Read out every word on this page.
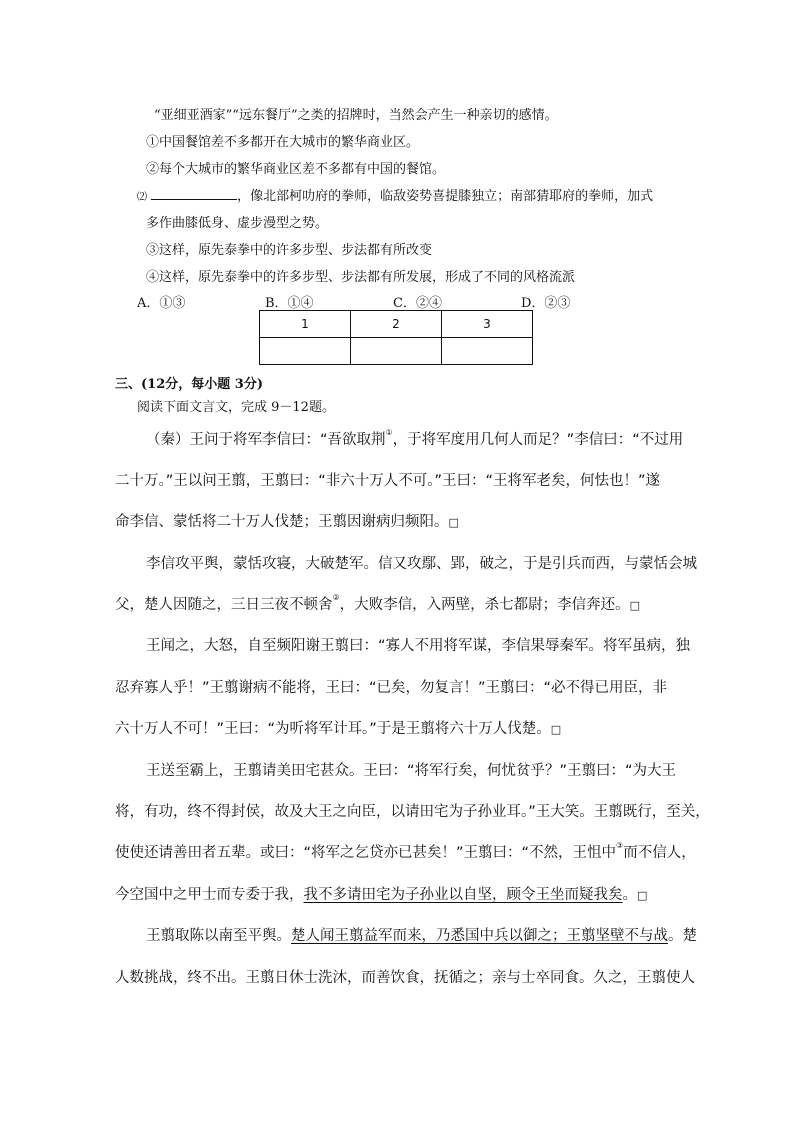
“亚细亚酒家”“远东餐厅”之类的招牌时，当然会产生一种亲切的感情。
①中国餐馆差不多都开在大城市的繁华商业区。
②每个大城市的繁华商业区差不多都有中国的餐馆。
⑵	，像北部柯叻府的拳师，临敌姿势喜提膝独立；南部猜耶府的拳师，加式
多作曲膝低身、虚步漫型之势。
③这样，原先泰拳中的许多步型、步法都有所改变
④这样，原先泰拳中的许多步型、步法都有所发展，形成了不同的风格流派
A．①③	B．①④	C．②④	D．②③
1	2	3

三、(12分，每小题 3分)
阅读下面文言文，完成 9－12题。
（秦）王问于将军李信曰：“吾欲取荆①，于将军度用几何人而足？”李信曰：“不过用
二十万。”王以问王翦，王翦曰：“非六十万人不可。”王曰：“王将军老矣，何怯也！”遂
命李信、蒙恬将二十万人伐楚；王翦因谢病归频阳。□
李信攻平舆，蒙恬攻寝，大破楚军。信又攻鄢、郢，破之，于是引兵而西，与蒙恬会城
父，楚人因随之，三日三夜不顿舍②，大败李信，入两壁，杀七都尉；李信奔还。□
王闻之，大怒，自至频阳谢王翦曰：“寡人不用将军谋，李信果辱秦军。将军虽病，独
忍弃寡人乎！”王翦谢病不能将，王曰：“已矣，勿复言！”王翦曰：“必不得已用臣，非
六十万人不可！”王曰：“为听将军计耳。”于是王翦将六十万人伐楚。□
王送至霸上，王翦请美田宅甚众。王曰：“将军行矣，何忧贫乎？”王翦曰：“为大王
将，有功，终不得封侯，故及大王之向臣，以请田宅为子孙业耳。”王大笑。王翦既行，至关，
使使还请善田者五辈。或曰：“将军之乞贷亦已甚矣！”王翦曰：“不然，王怚中③而不信人，
今空国中之甲士而专委于我，我不多请田宅为子孙业以自坚，顾令王坐而疑我矣。□
王翦取陈以南至平舆。楚人闻王翦益军而来，乃悉国中兵以御之；王翦坚壁不与战。楚
人数挑战，终不出。王翦日休士洗沐，而善饮食，抚循之；亲与士卒同食。久之，王翦使人
